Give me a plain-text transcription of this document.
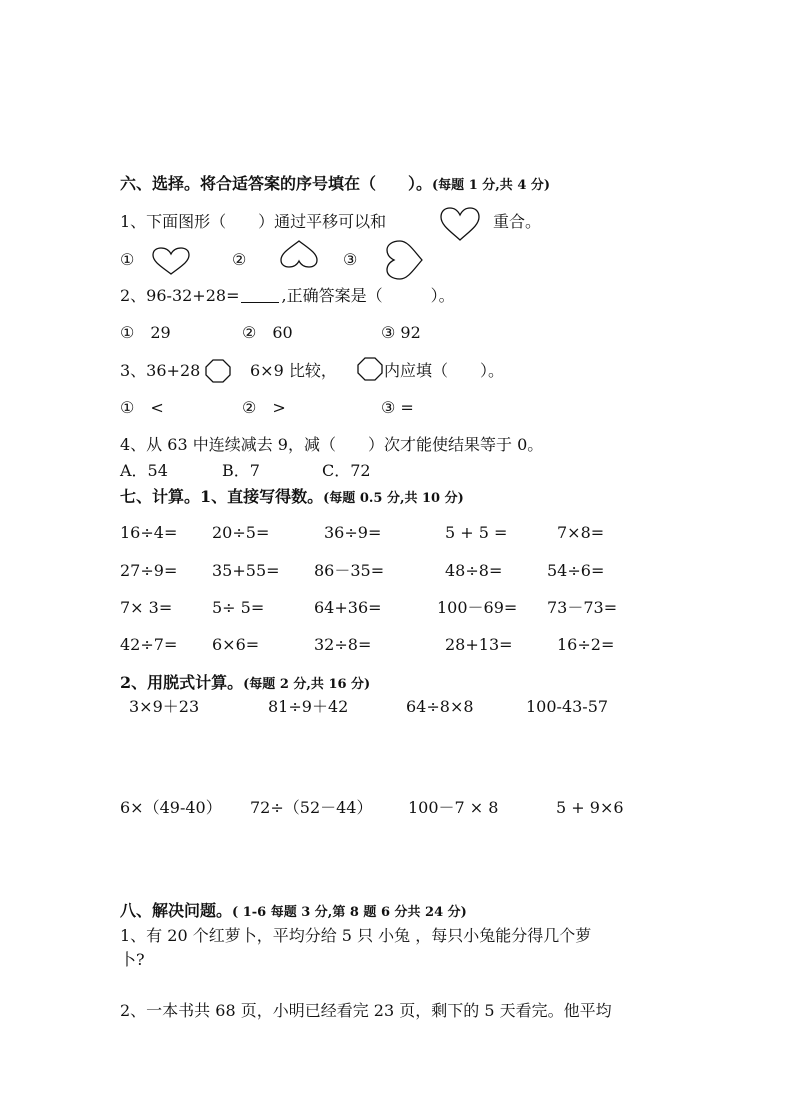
六、选择。将合适答案的序号填在（　　）。(每题 1 分,共 4 分)
1、下面图形（　　）通过平移可以和	重合。
①	②	③
2、96-32+28=	,正确答案是（　　　）。
①　29	②　60	③ 92
3、36+28	6×9 比较，	内应填（　　）。
①　<	②　>	③ =
4、从 63 中连续减去 9，减（　　）次才能使结果等于 0。
A．54	B．7	C．72
七、计算。1、直接写得数。(每题 0.5 分,共 10 分)
16÷4= 20÷5=	36÷9=	5 + 5 =	7×8=
27÷9= 35+55= 86－35=	48÷8=	54÷6=
7× 3= 5÷ 5=	64+36=	100－69= 73－73=
42÷7= 6×6=	32÷8=	28+13=	16÷2=
2、用脱式计算。(每题 2 分,共 16 分)
3×9＋23	81÷9＋42	64÷8×8	100-43-57
6×（49-40） 72÷（52－44） 100－7 × 8	5 + 9×6
八、解决问题。( 1-6 每题 3 分,第 8 题 6 分共 24 分)
1、有 20 个红萝卜，平均分给 5 只 小兔 ，每只小兔能分得几个萝
卜?
2、一本书共 68 页，小明已经看完 23 页，剩下的 5 天看完。他平均
